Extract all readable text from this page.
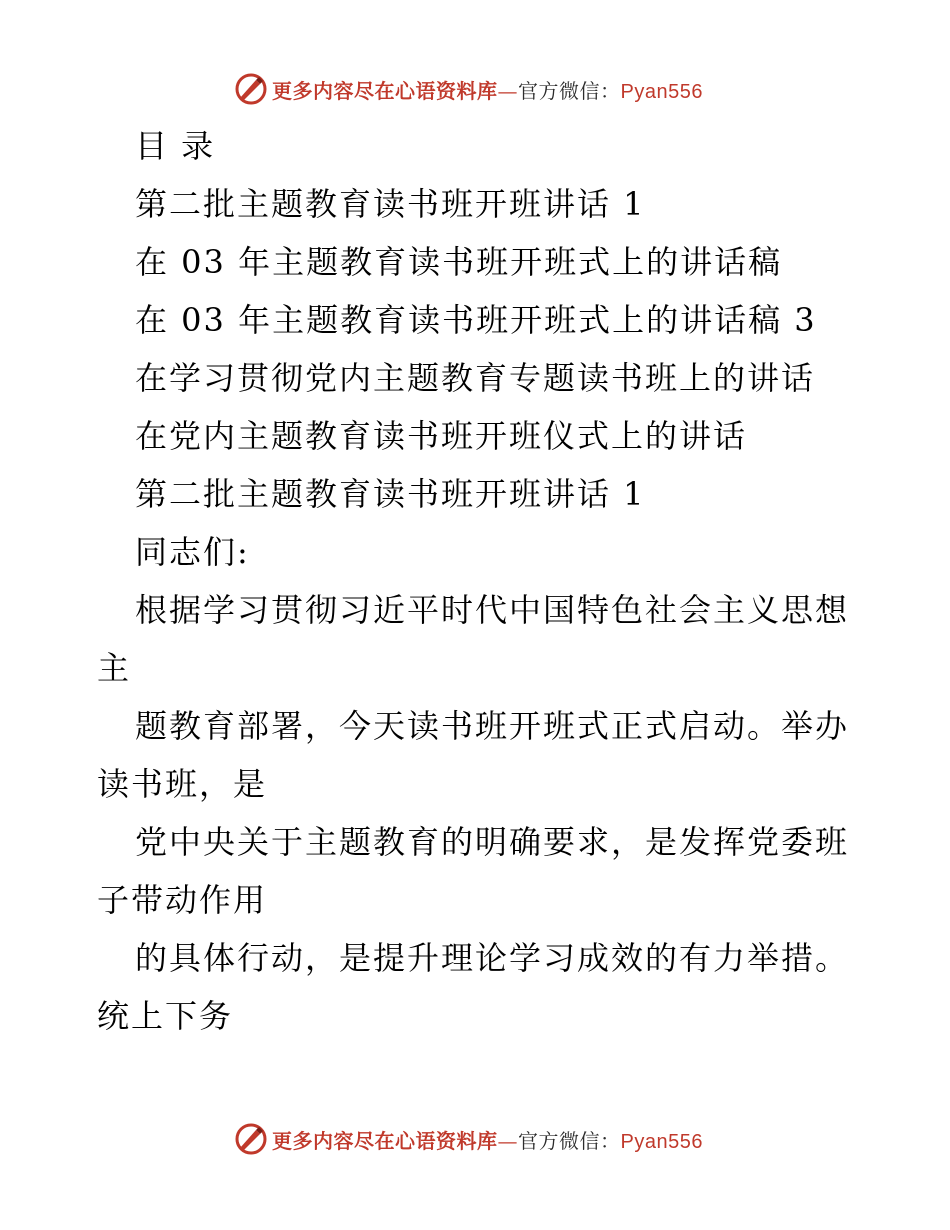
更多内容尽在心语资料库—官方微信：Pyan556
目 录
第二批主题教育读书班开班讲话 1
在 03 年主题教育读书班开班式上的讲话稿
在 03 年主题教育读书班开班式上的讲话稿 3
在学习贯彻党内主题教育专题读书班上的讲话
在党内主题教育读书班开班仪式上的讲话
第二批主题教育读书班开班讲话 1
同志们:
根据学习贯彻习近平时代中国特色社会主义思想
主
题教育部署，今天读书班开班式正式启动。举办
读书班，是
党中央关于主题教育的明确要求，是发挥党委班
子带动作用
的具体行动，是提升理论学习成效的有力举措。
统上下务
更多内容尽在心语资料库—官方微信：Pyan556
